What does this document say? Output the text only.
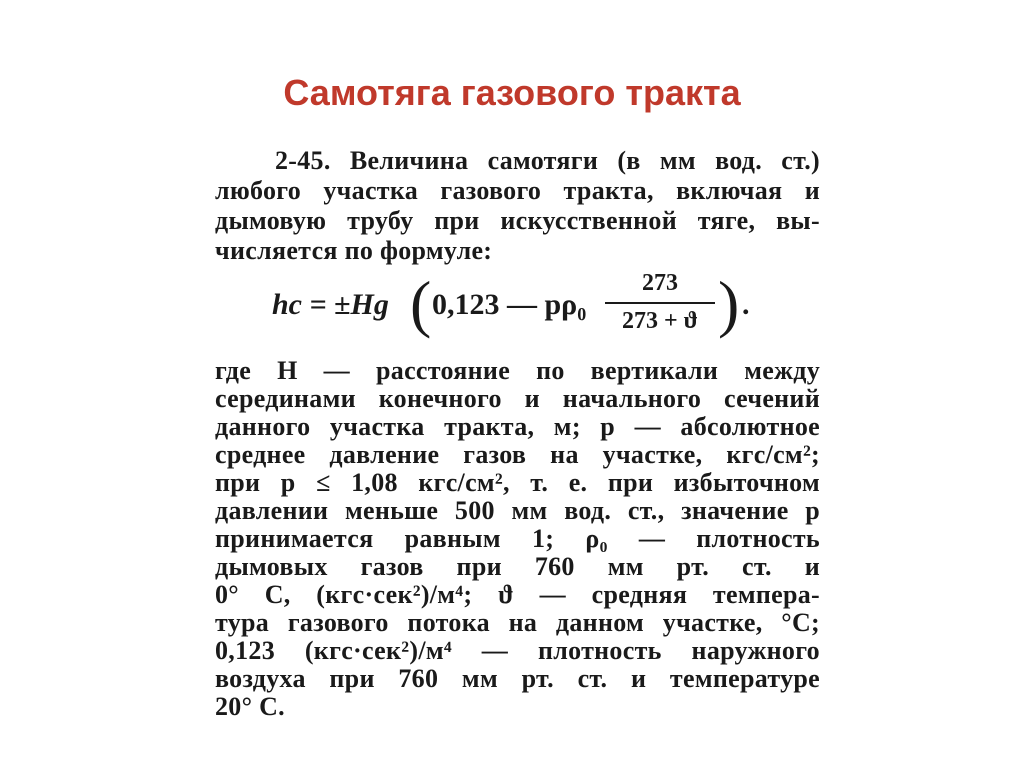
Самотяга газового тракта
2-45. Величина самотяги (в мм вод. ст.)
любого участка газового тракта, включая и
дымовую трубу при искусственной тяге, вы-
числяется по формуле:
hс = ±Hg ( 0,123 — pρ₀
273
273 + ϑ ) .
где H — расстояние по вертикали между
серединами конечного и начального сечений
данного участка тракта, м; p — абсолютное
среднее давление газов на участке, кгс/см²;
при p ≤ 1,08 кгс/см², т. е. при избыточном
давлении меньше 500 мм вод. ст., значение p
принимается равным 1; ρ₀ — плотность
дымовых газов при 760 мм рт. ст. и
0° С, (кгс·сек²)/м⁴; ϑ — средняя темпера-
тура газового потока на данном участке, °С;
0,123 (кгс·сек²)/м⁴ — плотность наружного
воздуха при 760 мм рт. ст. и температуре
20° С.
